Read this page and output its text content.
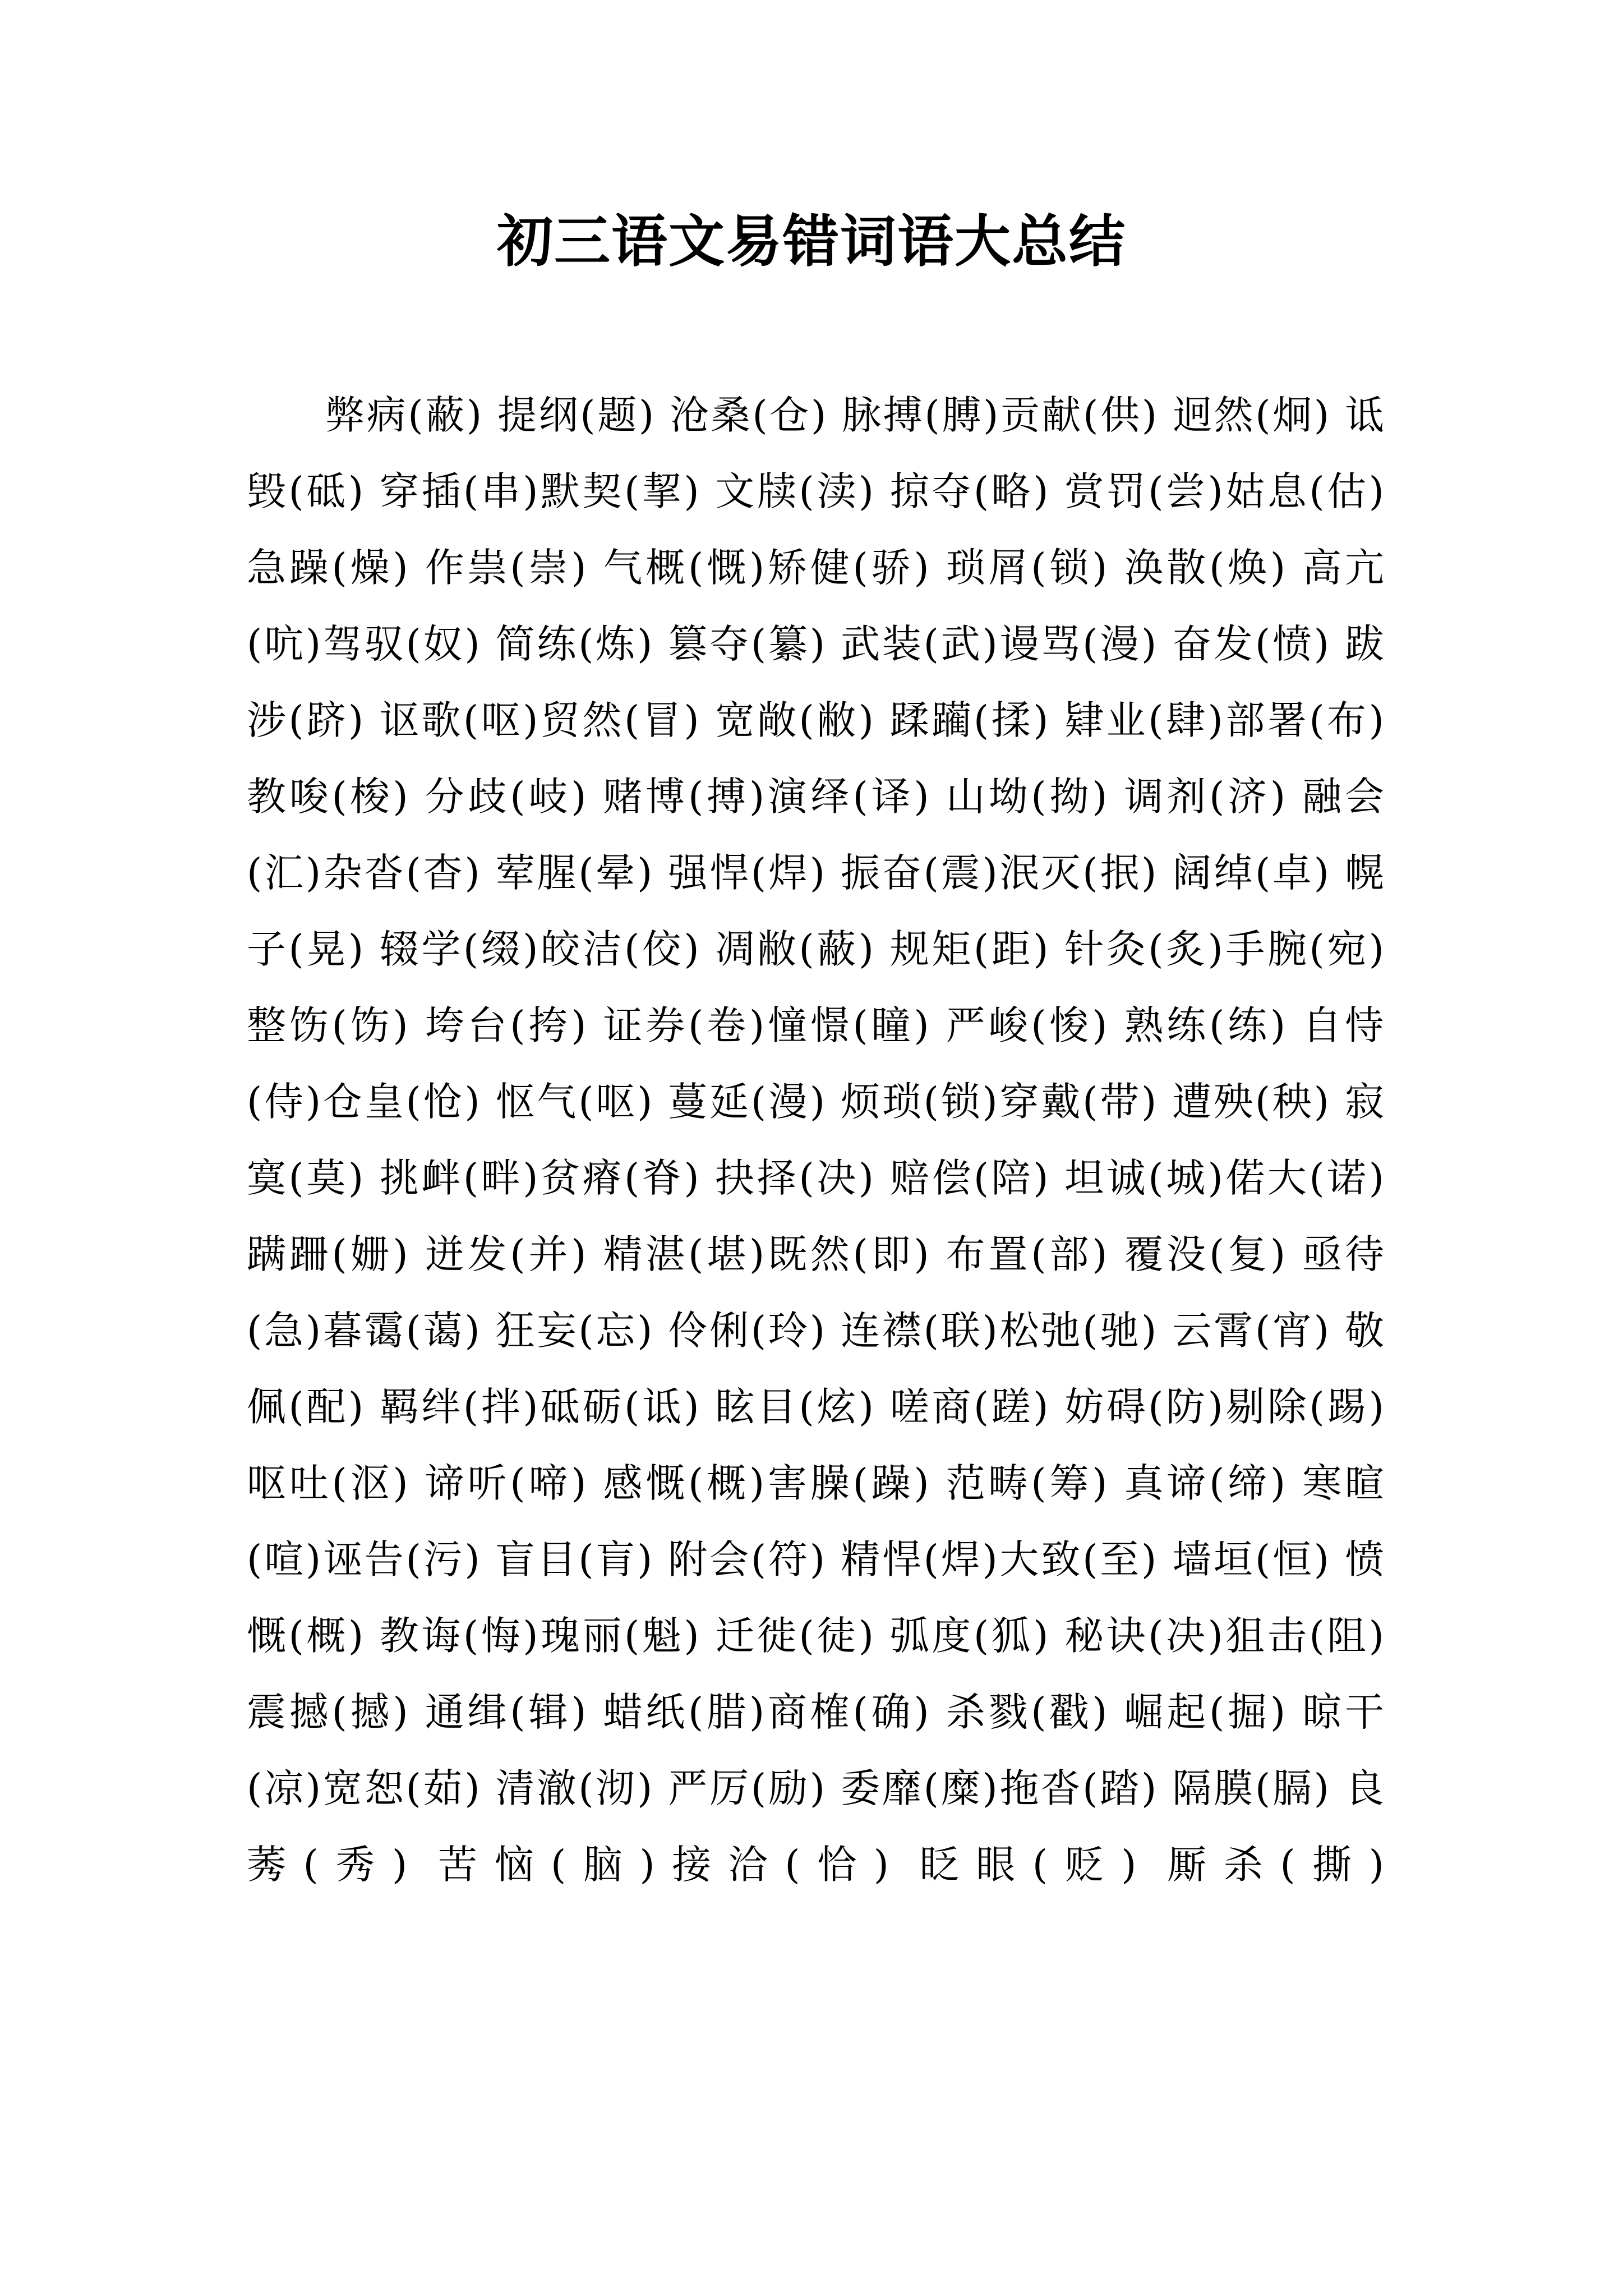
初三语文易错词语大总结

弊病(蔽) 提纲(题) 沧桑(仓) 脉搏(膊)贡献(供) 迥然(炯) 诋毁(砥) 穿插(串)默契(挈) 文牍(渎) 掠夺(略) 赏罚(尝)姑息(估) 急躁(燥) 作祟(崇) 气概(慨)矫健(骄) 琐屑(锁) 涣散(焕) 高亢(吭)驾驭(奴) 简练(炼) 篡夺(纂) 武装(武)谩骂(漫) 奋发(愤) 跋涉(跻) 讴歌(呕)贸然(冒) 宽敞(敝) 蹂躏(揉) 肄业(肆)部署(布) 教唆(梭) 分歧(岐) 赌博(搏)演绎(译) 山坳(拗) 调剂(济) 融会(汇)杂沓(杳) 荤腥(晕) 强悍(焊) 振奋(震)泯灭(抿) 阔绰(卓) 幌子(晃) 辍学(缀)皎洁(佼) 凋敝(蔽) 规矩(距) 针灸(炙)手腕(宛) 整饬(饬) 垮台(挎) 证券(卷)憧憬(瞳) 严峻(悛) 熟练(练) 自恃(侍)仓皇(怆) 怄气(呕) 蔓延(漫) 烦琐(锁)穿戴(带) 遭殃(秧) 寂寞(莫) 挑衅(畔)贫瘠(脊) 抉择(决) 赔偿(陪) 坦诚(城)偌大(诺) 蹒跚(姗) 迸发(并) 精湛(堪)既然(即) 布置(部) 覆没(复) 亟待(急)暮霭(蔼) 狂妄(忘) 伶俐(玲) 连襟(联)松弛(驰) 云霄(宵) 敬佩(配) 羁绊(拌)砥砺(诋) 眩目(炫) 嗟商(蹉) 妨碍(防)剔除(踢) 呕吐(沤) 谛听(啼) 感慨(概)害臊(躁) 范畴(筹) 真谛(缔) 寒暄(喧)诬告(污) 盲目(肓) 附会(符) 精悍(焊)大致(至) 墙垣(恒) 愤慨(概) 教诲(悔)瑰丽(魁) 迁徙(徒) 弧度(狐) 秘诀(决)狙击(阻) 震撼(撼) 通缉(辑) 蜡纸(腊)商榷(确) 杀戮(戳) 崛起(掘) 晾干(凉)宽恕(茹) 清澈(沏) 严厉(励) 委靡(糜)拖沓(踏) 隔膜(膈) 良莠(秀) 苦恼(脑)接洽(恰) 眨眼(贬) 厮杀(撕)
